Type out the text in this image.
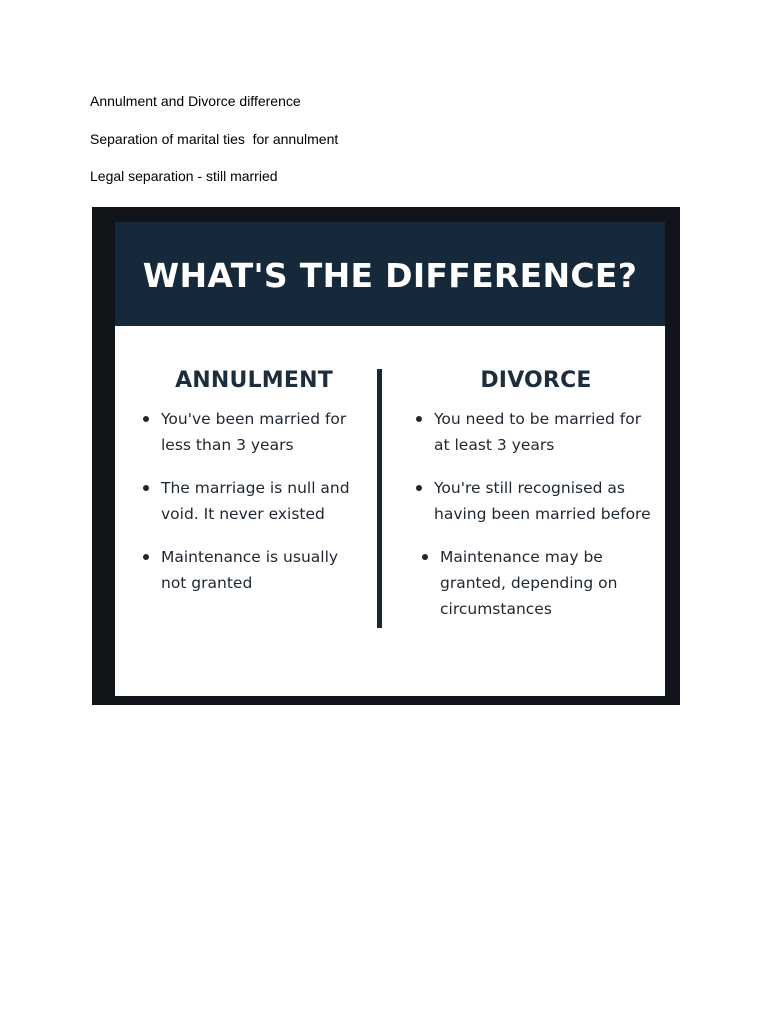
Annulment and Divorce difference
Separation of marital ties  for annulment
Legal separation - still married
WHAT'S THE DIFFERENCE?
ANNULMENT
You've been married for less than 3 years
The marriage is null and void. It never existed
Maintenance is usually not granted
DIVORCE
You need to be married for at least 3 years
You're still recognised as having been married before
Maintenance may be granted, depending on circumstances
